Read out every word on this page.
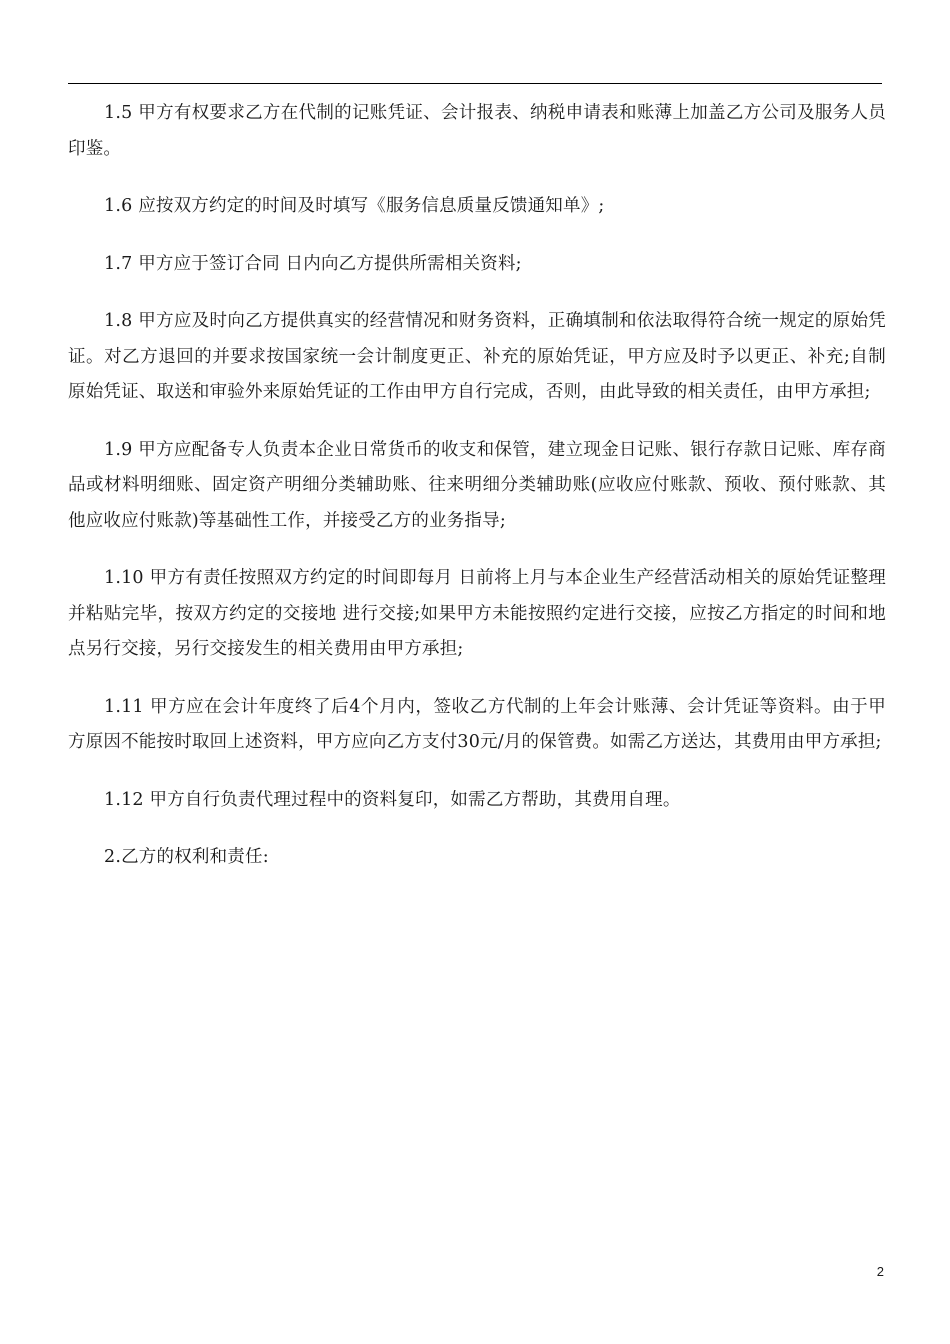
1.5 甲方有权要求乙方在代制的记账凭证、会计报表、纳税申请表和账薄上加盖乙方公司及服务人员印鉴。

1.6 应按双方约定的时间及时填写《服务信息质量反馈通知单》;

1.7 甲方应于签订合同 日内向乙方提供所需相关资料;

1.8 甲方应及时向乙方提供真实的经营情况和财务资料，正确填制和依法取得符合统一规定的原始凭证。对乙方退回的并要求按国家统一会计制度更正、补充的原始凭证，甲方应及时予以更正、补充;自制原始凭证、取送和审验外来原始凭证的工作由甲方自行完成，否则，由此导致的相关责任，由甲方承担;

1.9 甲方应配备专人负责本企业日常货币的收支和保管，建立现金日记账、银行存款日记账、库存商品或材料明细账、固定资产明细分类辅助账、往来明细分类辅助账(应收应付账款、预收、预付账款、其他应收应付账款)等基础性工作，并接受乙方的业务指导;

1.10 甲方有责任按照双方约定的时间即每月 日前将上月与本企业生产经营活动相关的原始凭证整理并粘贴完毕，按双方约定的交接地 进行交接;如果甲方未能按照约定进行交接，应按乙方指定的时间和地点另行交接，另行交接发生的相关费用由甲方承担;

1.11 甲方应在会计年度终了后4个月内，签收乙方代制的上年会计账薄、会计凭证等资料。由于甲方原因不能按时取回上述资料，甲方应向乙方支付30元/月的保管费。如需乙方送达，其费用由甲方承担;

1.12 甲方自行负责代理过程中的资料复印，如需乙方帮助，其费用自理。

2.乙方的权利和责任:

2
